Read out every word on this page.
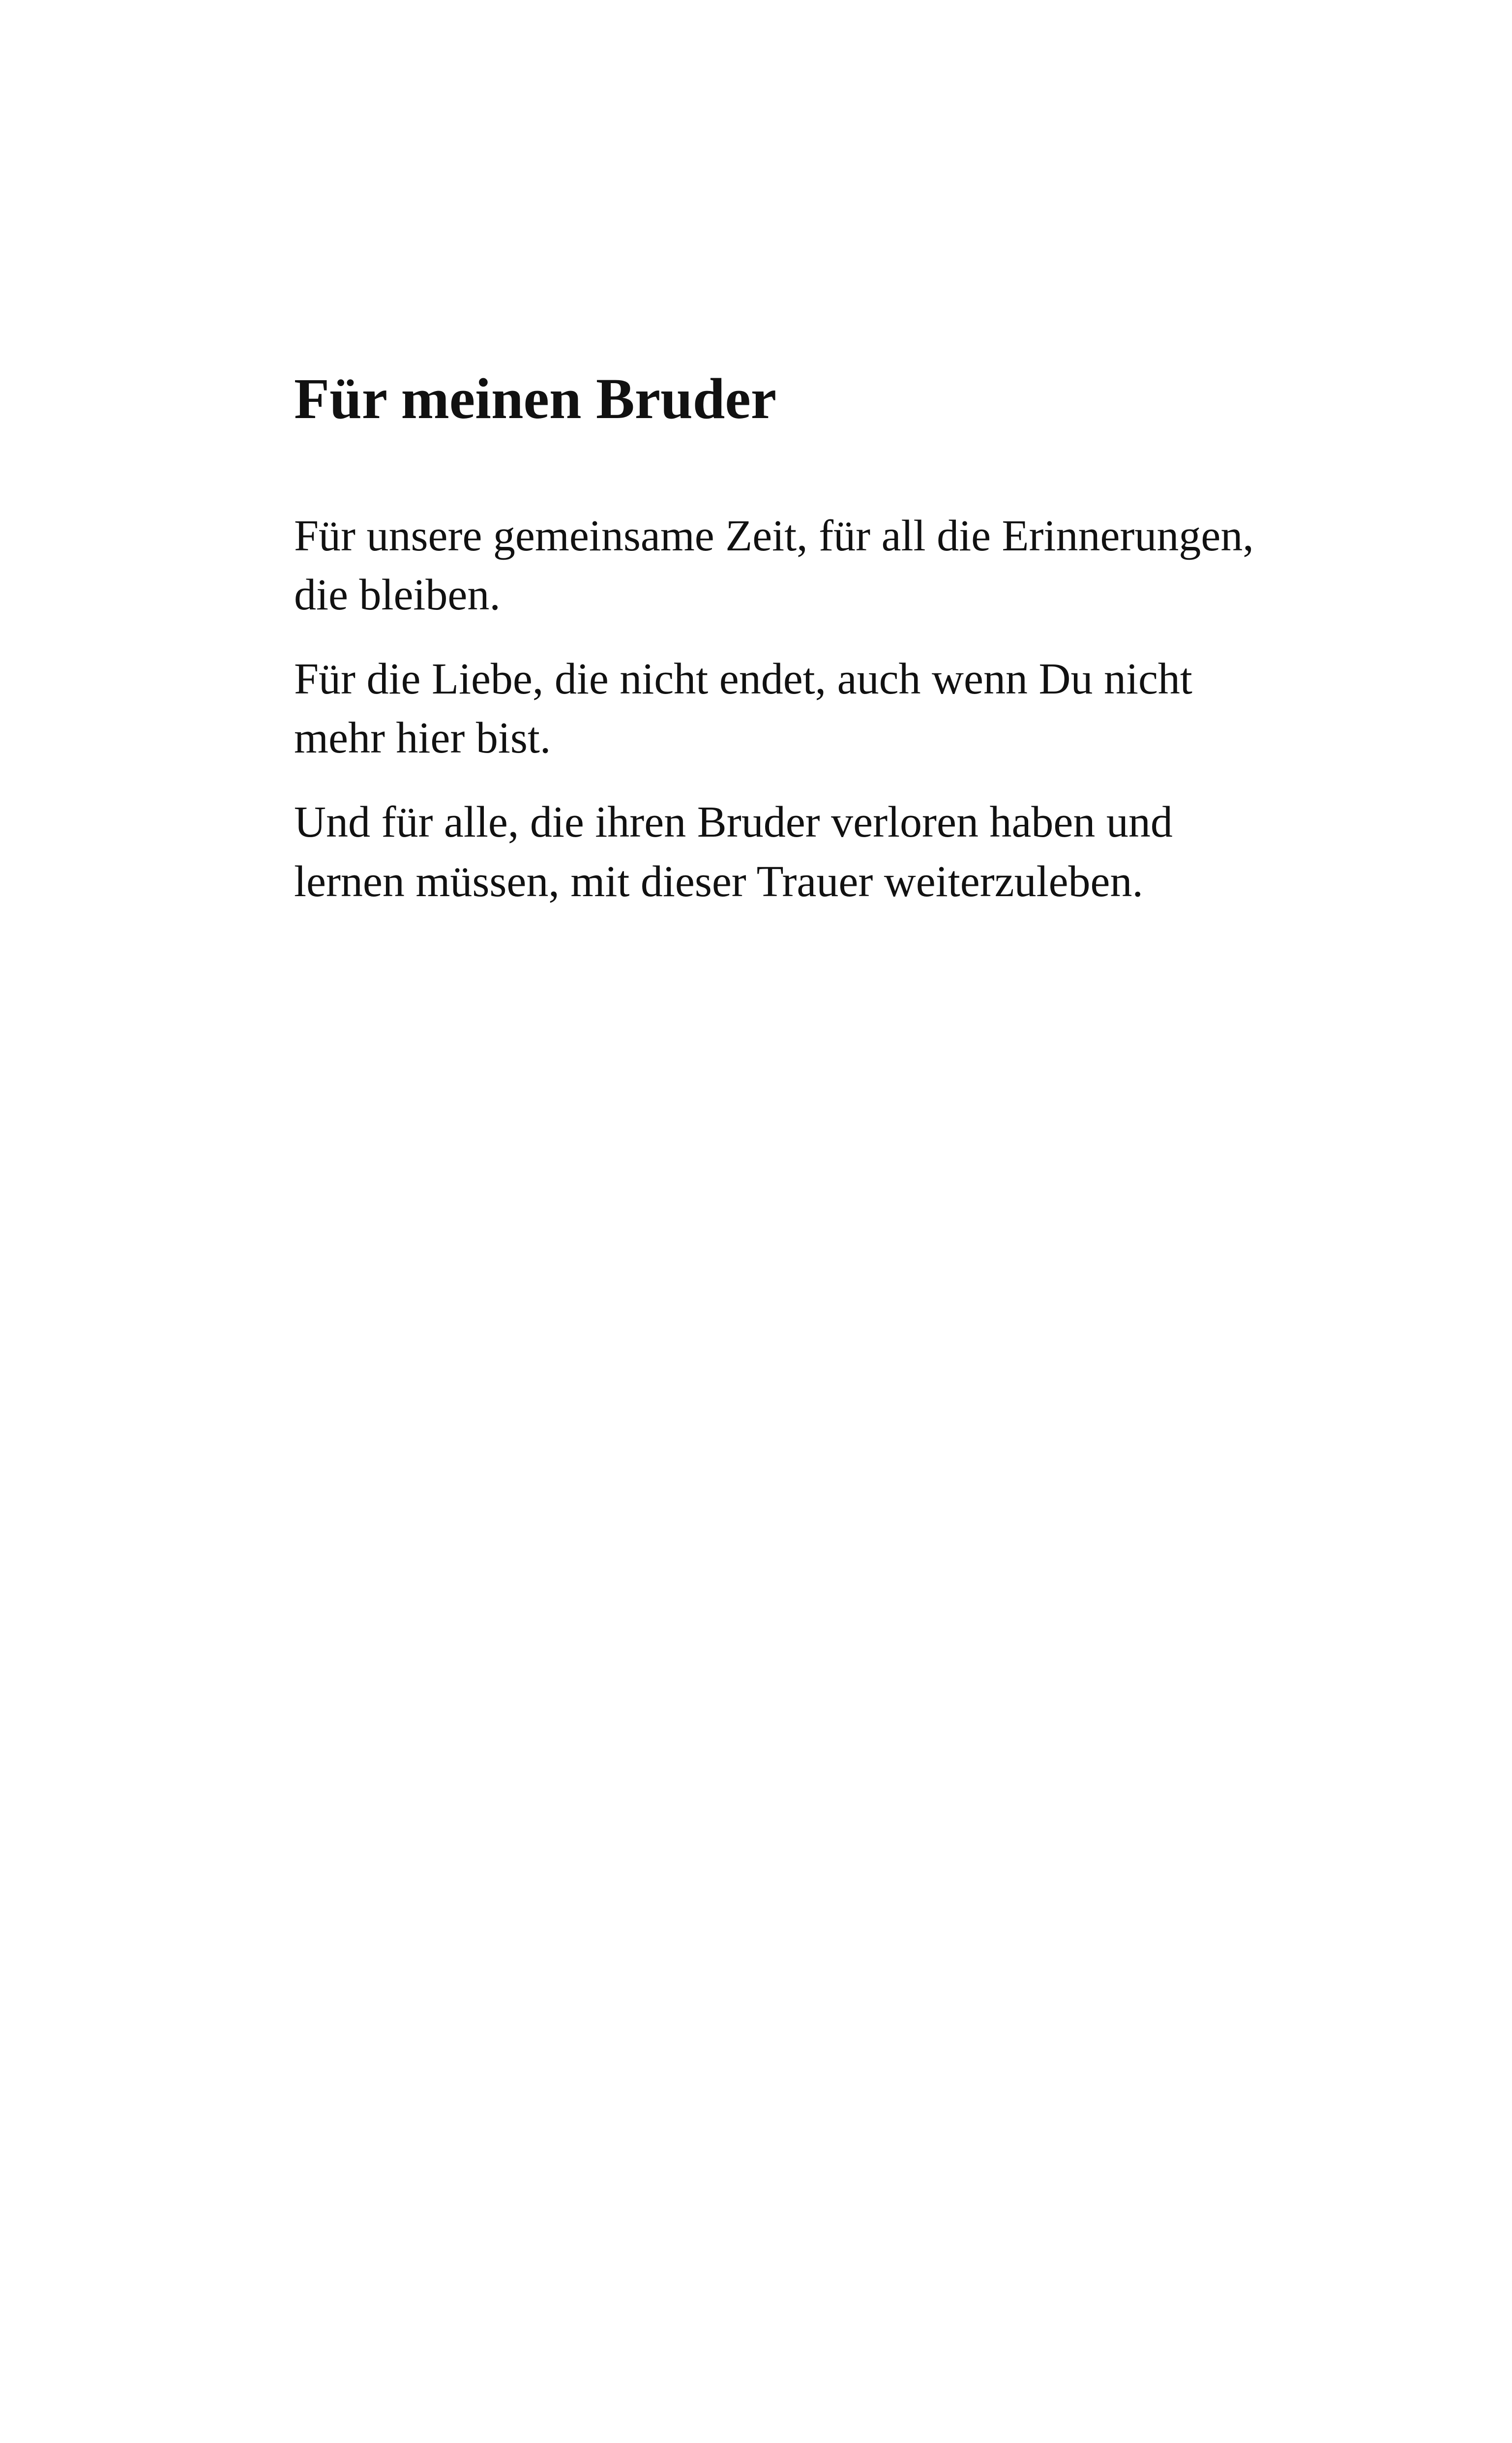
Für meinen Bruder

Für unsere gemeinsame Zeit, für all die Erinnerungen, die bleiben.

Für die Liebe, die nicht endet, auch wenn Du nicht mehr hier bist.

Und für alle, die ihren Bruder verloren haben und lernen müssen, mit dieser Trauer weiterzuleben.
